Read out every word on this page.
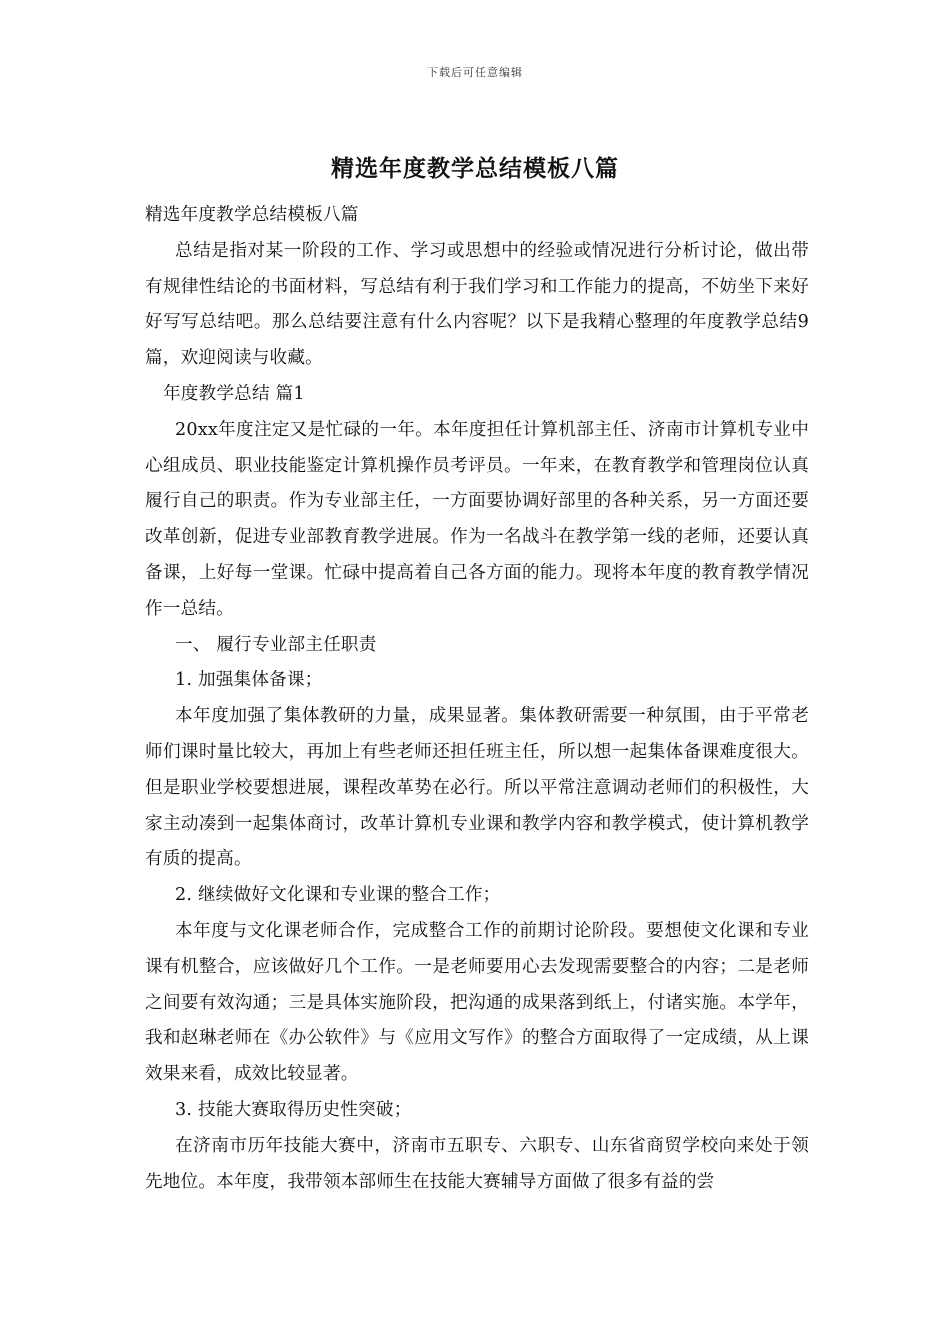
下载后可任意编辑
精选年度教学总结模板八篇

精选年度教学总结模板八篇

总结是指对某一阶段的工作、学习或思想中的经验或情况进行分析讨论，做出带有规律性结论的书面材料，写总结有利于我们学习和工作能力的提高，不妨坐下来好好写写总结吧。那么总结要注意有什么内容呢？以下是我精心整理的年度教学总结9篇，欢迎阅读与收藏。

年度教学总结 篇1

20xx年度注定又是忙碌的一年。本年度担任计算机部主任、济南市计算机专业中心组成员、职业技能鉴定计算机操作员考评员。一年来，在教育教学和管理岗位认真履行自己的职责。作为专业部主任，一方面要协调好部里的各种关系，另一方面还要改革创新，促进专业部教育教学进展。作为一名战斗在教学第一线的老师，还要认真备课，上好每一堂课。忙碌中提高着自己各方面的能力。现将本年度的教育教学情况作一总结。

一、 履行专业部主任职责

1. 加强集体备课；

本年度加强了集体教研的力量，成果显著。集体教研需要一种氛围，由于平常老师们课时量比较大，再加上有些老师还担任班主任，所以想一起集体备课难度很大。但是职业学校要想进展，课程改革势在必行。所以平常注意调动老师们的积极性，大家主动凑到一起集体商讨，改革计算机专业课和教学内容和教学模式，使计算机教学有质的提高。

2. 继续做好文化课和专业课的整合工作；

本年度与文化课老师合作，完成整合工作的前期讨论阶段。要想使文化课和专业课有机整合，应该做好几个工作。一是老师要用心去发现需要整合的内容；二是老师之间要有效沟通；三是具体实施阶段，把沟通的成果落到纸上，付诸实施。本学年，我和赵琳老师在《办公软件》与《应用文写作》的整合方面取得了一定成绩，从上课效果来看，成效比较显著。

3. 技能大赛取得历史性突破；

在济南市历年技能大赛中，济南市五职专、六职专、山东省商贸学校向来处于领先地位。本年度，我带领本部师生在技能大赛辅导方面做了很多有益的尝
